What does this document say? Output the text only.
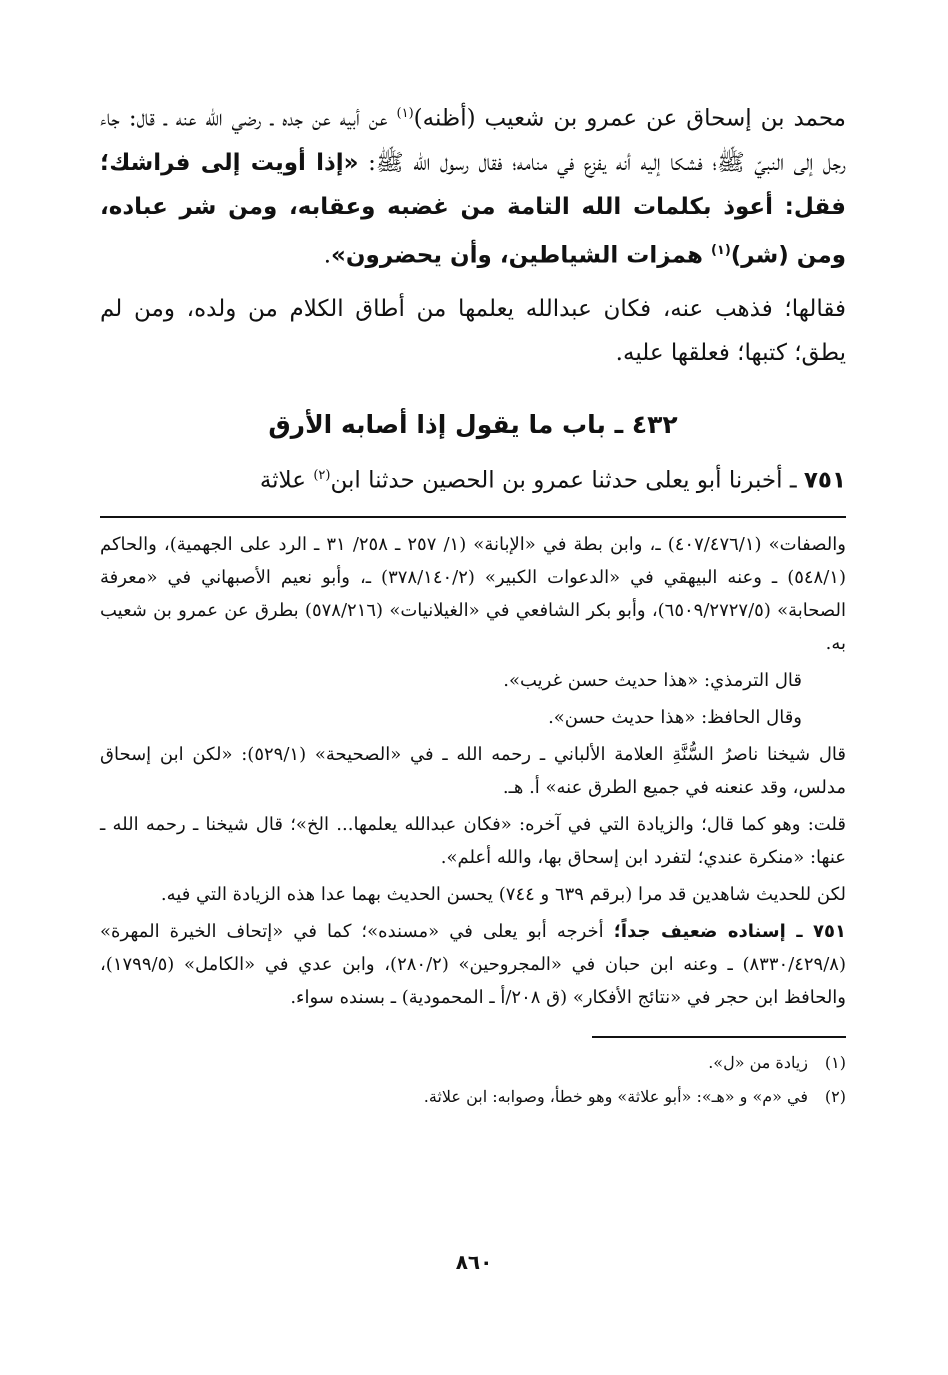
محمد بن إسحاق عن عمرو بن شعيب (أظنه)$^{(١)}$ عن أبيه عن جده ـ رضي الله عنه ـ قال: جاء رجل إلى النبيّ ﷺ؛ فشكا إليه أنه يفزع في منامه؛ فقال رسول الله ﷺ: «إذا أويت إلى فراشك؛ فقل: أعوذ بكلمات الله التامة من غضبه وعقابه، ومن شر عباده، ومن (شر)$^{(١)}$ همزات الشياطين، وأن يحضرون».

فقالها؛ فذهب عنه، فكان عبدالله يعلمها من أطاق الكلام من ولده، ومن لم يطق؛ كتبها؛ فعلقها عليه.

٤٣٢ ـ باب ما يقول إذا أصابه الأرق

٧٥١ ـ أخبرنا أبو يعلى حدثنا عمرو بن الحصين حدثنا ابن$^{(٢)}$ علاثة

والصفات» (٤٠٧/٤٧٦/١) ـ، وابن بطة في «الإبانة» (١/ ٢٥٧ ـ ٢٥٨/ ٣١ ـ الرد على الجهمية)، والحاكم (٥٤٨/١) ـ وعنه البيهقي في «الدعوات الكبير» (٣٧٨/١٤٠/٢) ـ، وأبو نعيم الأصبهاني في «معرفة الصحابة» (٦٥٠٩/٢٧٢٧/٥)، وأبو بكر الشافعي في «الغيلانيات» (٥٧٨/٢١٦) بطرق عن عمرو بن شعيب به.

قال الترمذي: «هذا حديث حسن غريب».

وقال الحافظ: «هذا حديث حسن».

قال شيخنا ناصرُ السُّنَّةِ العلامة الألباني ـ رحمه الله ـ في «الصحيحة» (٥٢٩/١): «لكن ابن إسحاق مدلس، وقد عنعنه في جميع الطرق عنه» أ. هـ.

قلت: وهو كما قال؛ والزيادة التي في آخره: «فكان عبدالله يعلمها... الخ»؛ قال شيخنا ـ رحمه الله ـ عنها: «منكرة عندي؛ لتفرد ابن إسحاق بها، والله أعلم».

لكن للحديث شاهدين قد مرا (برقم ٦٣٩ و ٧٤٤) يحسن الحديث بهما عدا هذه الزيادة التي فيه.

٧٥١ ـ إسناده ضعيف جداً؛ أخرجه أبو يعلى في «مسنده»؛ كما في «إتحاف الخيرة المهرة» (٨٣٣٠/٤٢٩/٨) ـ وعنه ابن حبان في «المجروحين» (٢٨٠/٢)، وابن عدي في «الكامل» (١٧٩٩/٥)، والحافظ ابن حجر في «نتائج الأفكار» (ق ٢٠٨/أ ـ المحمودية) ـ بسنده سواء.

(١)زيادة من «ل».

(٢)في «م» و «هـ»: «أبو علاثة» وهو خطأ، وصوابه: ابن علاثة.

٨٦٠
